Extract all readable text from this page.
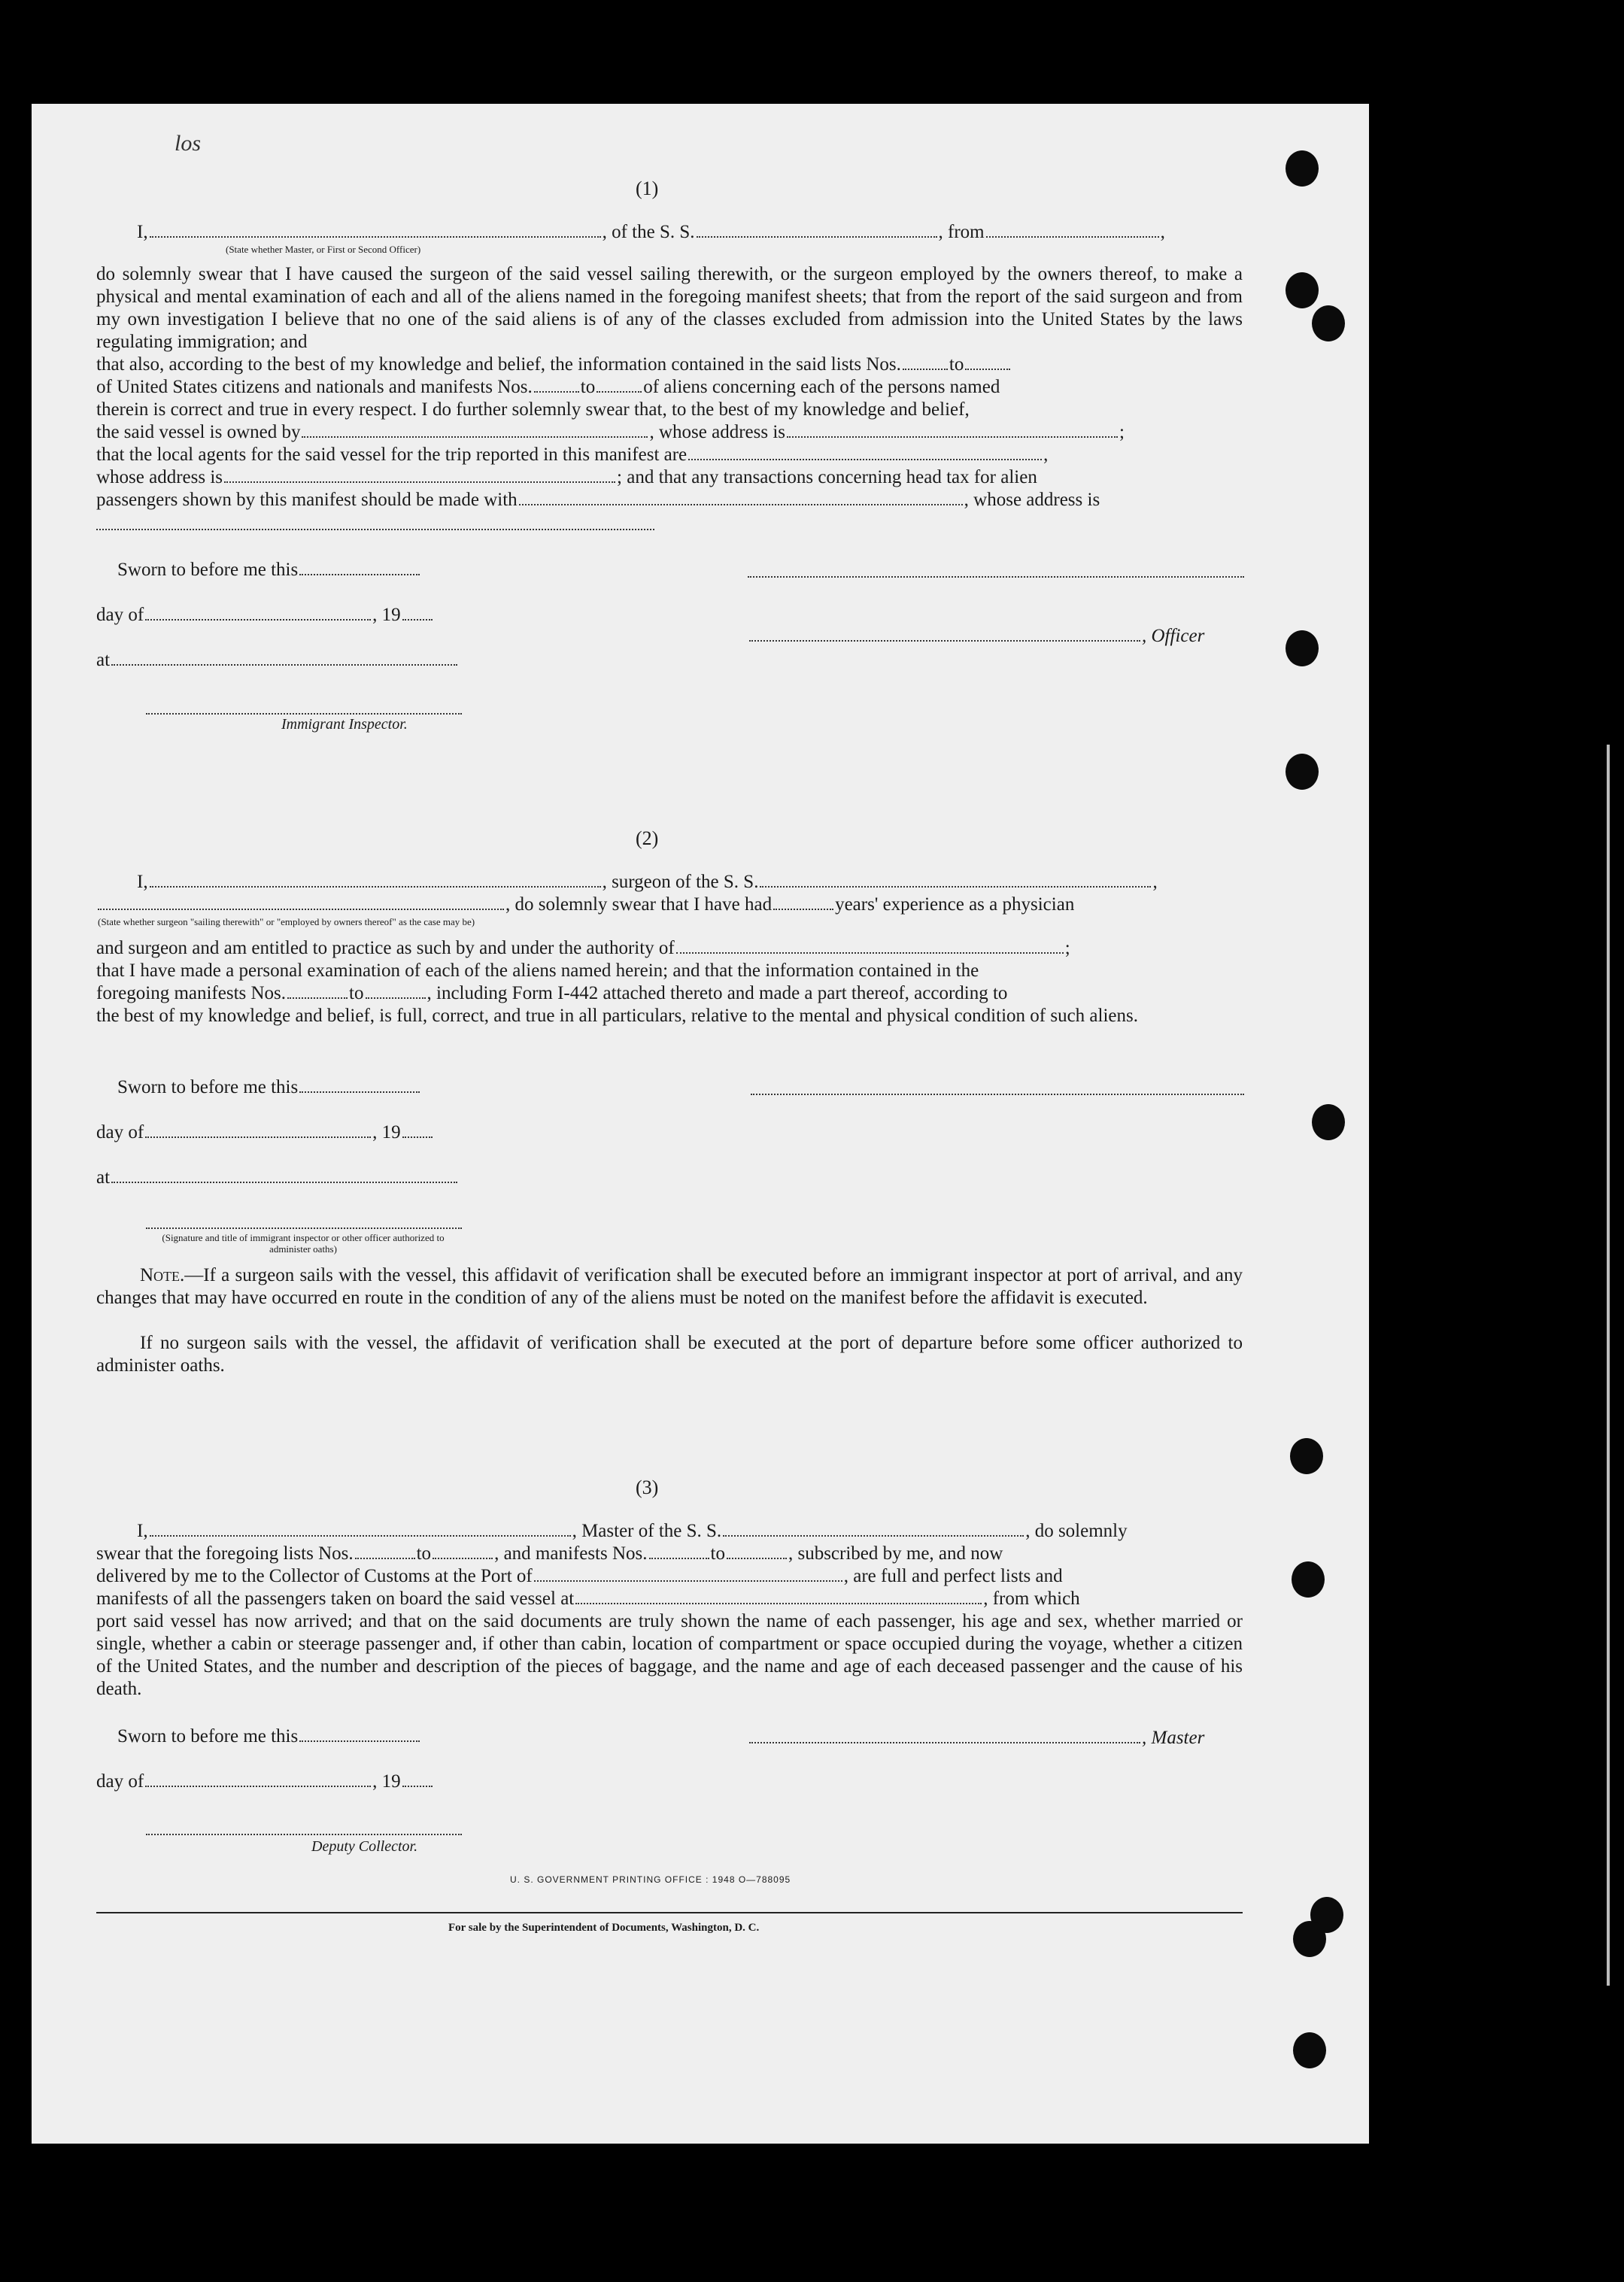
los
(1)
I,	, of the S. S.	, from	,
(State whether Master, or First or Second Officer)
do solemnly swear that I have caused the surgeon of the said vessel sailing therewith, or the surgeon employed by the owners thereof, to make a physical and mental examination of each and all of the aliens named in the foregoing manifest sheets; that from the report of the said surgeon and from my own investigation I believe that no one of the said aliens is of any of the classes excluded from admission into the United States by the laws regulating immigration; and
that also, according to the best of my knowledge and belief, the information contained in the said lists Nos.	to
of United States citizens and nationals and manifests Nos.	to	of aliens concerning each of the persons named
therein is correct and true in every respect. I do further solemnly swear that, to the best of my knowledge and belief,
the said vessel is owned by	, whose address is	;
that the local agents for the said vessel for the trip reported in this manifest are	,
whose address is	; and that any transactions concerning head tax for alien
passengers shown by this manifest should be made with	, whose address is
Sworn to before me this
day of	, 19
, Officer
at
Immigrant Inspector.
(2)
I,	, surgeon of the S. S.	,
, do solemnly swear that I have had	years' experience as a physician
(State whether surgeon "sailing therewith" or "employed by owners thereof" as the case may be)
and surgeon and am entitled to practice as such by and under the authority of	;
that I have made a personal examination of each of the aliens named herein; and that the information contained in the
foregoing manifests Nos.	to	, including Form I-442 attached thereto and made a part thereof, according to
the best of my knowledge and belief, is full, correct, and true in all particulars, relative to the mental and physical condition of such aliens.
Sworn to before me this
day of	, 19
at
(Signature and title of immigrant inspector or other officer authorized to administer oaths)
Note.—If a surgeon sails with the vessel, this affidavit of verification shall be executed before an immigrant inspector at port of arrival, and any changes that may have occurred en route in the condition of any of the aliens must be noted on the manifest before the affidavit is executed.
If no surgeon sails with the vessel, the affidavit of verification shall be executed at the port of departure before some officer authorized to administer oaths.
(3)
I,	, Master of the S. S.	, do solemnly
swear that the foregoing lists Nos.	to	, and manifests Nos.	to	, subscribed by me, and now
delivered by me to the Collector of Customs at the Port of	, are full and perfect lists and
manifests of all the passengers taken on board the said vessel at	, from which
port said vessel has now arrived; and that on the said documents are truly shown the name of each passenger, his age and sex, whether married or single, whether a cabin or steerage passenger and, if other than cabin, location of compartment or space occupied during the voyage, whether a citizen of the United States, and the number and description of the pieces of baggage, and the name and age of each deceased passenger and the cause of his death.
Sworn to before me this	, Master
day of	, 19
Deputy Collector.
U. S. GOVERNMENT PRINTING OFFICE : 1948 O—788095
For sale by the Superintendent of Documents, Washington, D. C.
